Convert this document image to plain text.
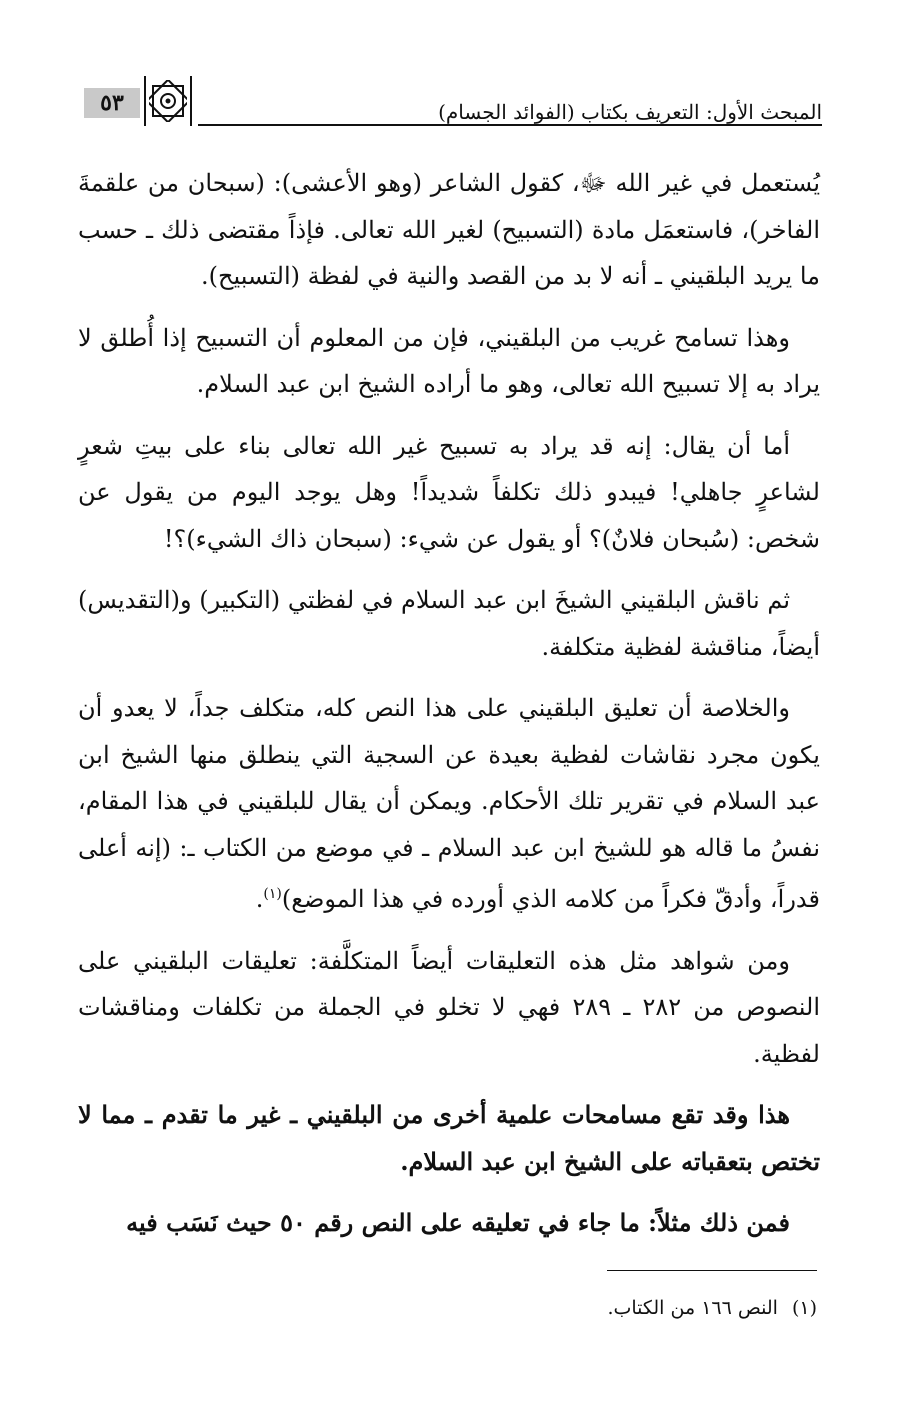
المبحث الأول: التعريف بكتاب (الفوائد الجسام)
٥٣

يُستعمل في غير الله ﷻ، كقول الشاعر (وهو الأعشى): (سبحان من علقمةَ الفاخر)، فاستعمَل مادة (التسبيح) لغير الله تعالى. فإذاً مقتضى ذلك ـ حسب ما يريد البلقيني ـ أنه لا بد من القصد والنية في لفظة (التسبيح).

وهذا تسامح غريب من البلقيني، فإن من المعلوم أن التسبيح إذا أُطلق لا يراد به إلا تسبيح الله تعالى، وهو ما أراده الشيخ ابن عبد السلام.

أما أن يقال: إنه قد يراد به تسبيح غير الله تعالى بناء على بيتِ شعرٍ لشاعرٍ جاهلي! فيبدو ذلك تكلفاً شديداً! وهل يوجد اليوم من يقول عن شخص: (سُبحان فلانٌ)؟ أو يقول عن شيء: (سبحان ذاك الشيء)؟!

ثم ناقش البلقيني الشيخَ ابن عبد السلام في لفظتي (التكبير) و(التقديس) أيضاً، مناقشة لفظية متكلفة.

والخلاصة أن تعليق البلقيني على هذا النص كله، متكلف جداً، لا يعدو أن يكون مجرد نقاشات لفظية بعيدة عن السجية التي ينطلق منها الشيخ ابن عبد السلام في تقرير تلك الأحكام. ويمكن أن يقال للبلقيني في هذا المقام، نفسُ ما قاله هو للشيخ ابن عبد السلام ـ في موضع من الكتاب ـ: (إنه أعلى قدراً، وأدقّ فكراً من كلامه الذي أورده في هذا الموضع)$^{(١)}$.

ومن شواهد مثل هذه التعليقات أيضاً المتكلَّفة: تعليقات البلقيني على النصوص من ٢٨٢ ـ ٢٨٩ فهي لا تخلو في الجملة من تكلفات ومناقشات لفظية.

هذا وقد تقع مسامحات علمية أخرى من البلقيني ـ غير ما تقدم ـ مما لا تختص بتعقباته على الشيخ ابن عبد السلام.

فمن ذلك مثلاً: ما جاء في تعليقه على النص رقم ٥٠ حيث نَسَب فيه

(١)النص ١٦٦ من الكتاب.
